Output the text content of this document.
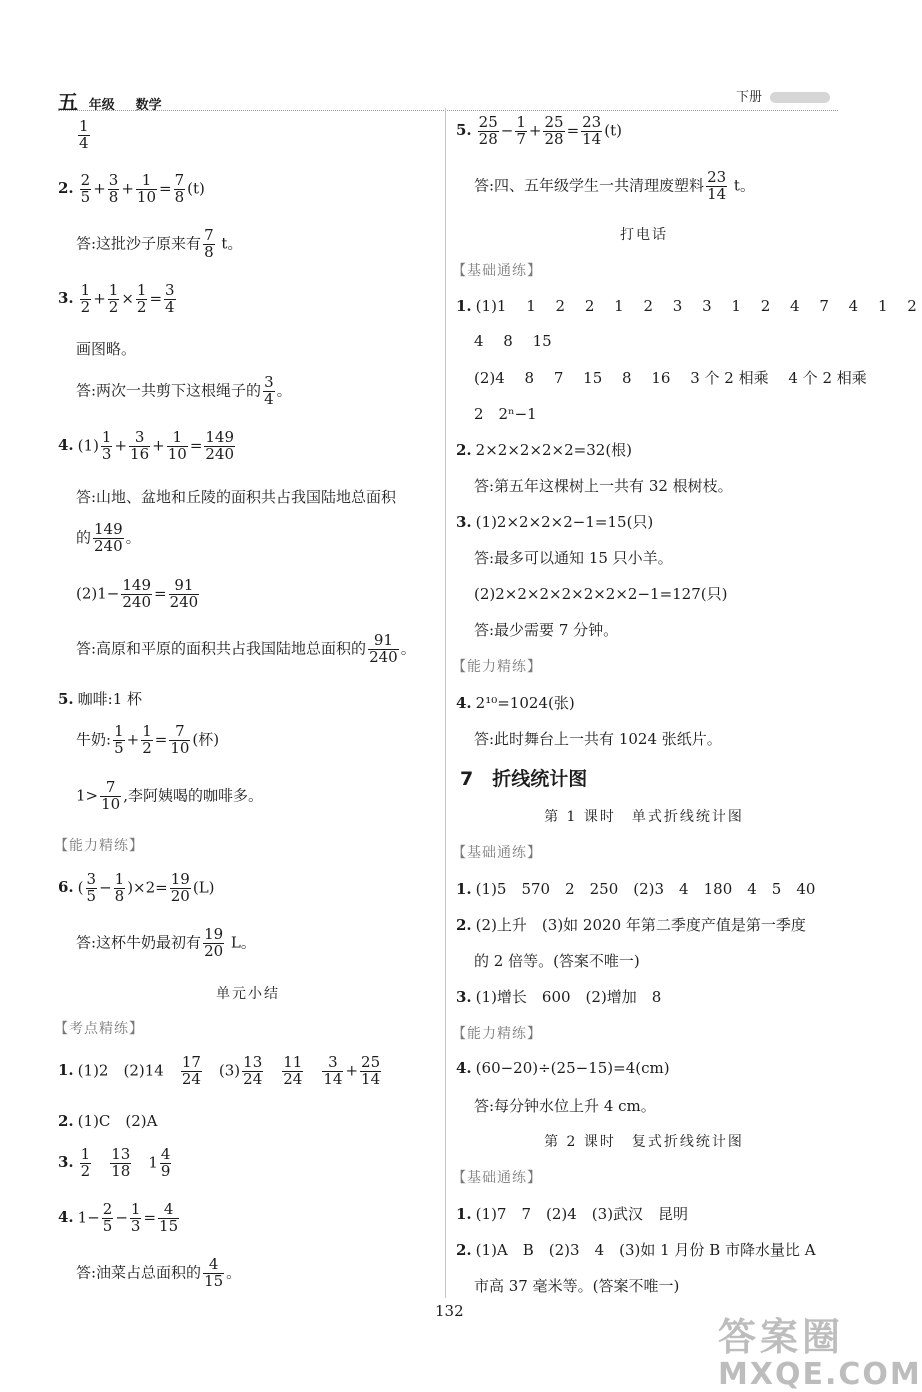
五 年级 数学
下册
$\frac{1}{4}$
2. $\frac{2}{5} + \frac{3}{8} + \frac{1}{10} = \frac{7}{8} (t)$
答:这批沙子原来有 $\frac{7}{8}$ t。
3. $\frac{1}{2} + \frac{1}{2} \times \frac{1}{2} = \frac{3}{4}$
画图略。
答:两次一共剪下这根绳子的 $\frac{3}{4}$ 。
4. $(1) \frac{1}{3} + \frac{3}{16} + \frac{1}{10} = \frac{149}{240}$
答:山地、盆地和丘陵的面积共占我国陆地总面积
的 $\frac{149}{240}$ 。
$(2)1- \frac{149}{240} = \frac{91}{240}$
答:高原和平原的面积共占我国陆地总面积的 $\frac{91}{240}$ 。
5. 咖啡:1 杯
牛奶: $\frac{1}{5} + \frac{1}{2} = \frac{7}{10}$ (杯)
$1> \frac{7}{10}$ ,李阿姨喝的咖啡多。
【能力精练】
6. ( $\frac{3}{5} - \frac{1}{8} )\times 2= \frac{19}{20} (L)$
答:这杯牛奶最初有 $\frac{19}{20}$ L。
单元小结
【考点精练】
1. (1)2　(2)14　 $\frac{17}{24}$ 　$(3) \frac{13}{24}$
　 $\frac{11}{24}$
　 $\frac{3}{14} + \frac{25}{14}$
2. (1)C　(2)A
3. $\frac{1}{2}$
　 $\frac{13}{18}$ 　$1 \frac{4}{9}$
4. $1- \frac{2}{5} - \frac{1}{3} = \frac{4}{15}$
答:油菜占总面积的 $\frac{4}{15}$ 。
5. $\frac{25}{28} - \frac{1}{7} + \frac{25}{28} = \frac{23}{14} (t)$
答:四、五年级学生一共清理废塑料 $\frac{23}{14}$ t。
打电话
【基础通练】
1. (1)1　 1　 2　 2　 1　 2　 3　 3　 1　 2　 4　 7　 4　 1　 2
4　 8　 15
(2)4　 8　 7　 15　 8　 16　 3 个 2 相乘　 4 个 2 相乘
2　2ⁿ−1
2. 2×2×2×2×2=32(根)
答:第五年这棵树上一共有 32 根树枝。
3. (1)2×2×2×2−1=15(只)
答:最多可以通知 15 只小羊。
(2)2×2×2×2×2×2×2−1=127(只)
答:最少需要 7 分钟。
【能力精练】
4. 2¹⁰=1024(张)
答:此时舞台上一共有 1024 张纸片。
7　折线统计图
第 1 课时　单式折线统计图
【基础通练】
1. (1)5　570　2　250　(2)3　4　180　4　5　40
2. (2)上升　(3)如 2020 年第二季度产值是第一季度
的 2 倍等。(答案不唯一)
3. (1)增长　600　(2)增加　8
【能力精练】
4. (60−20)÷(25−15)=4(cm)
答:每分钟水位上升 4 cm。
第 2 课时　复式折线统计图
【基础通练】
1. (1)7　7　(2)4　(3)武汉　昆明
2. (1)A　B　(2)3　4　(3)如 1 月份 B 市降水量比 A
市高 37 毫米等。(答案不唯一)
132
答案圈
MXQE.COM
